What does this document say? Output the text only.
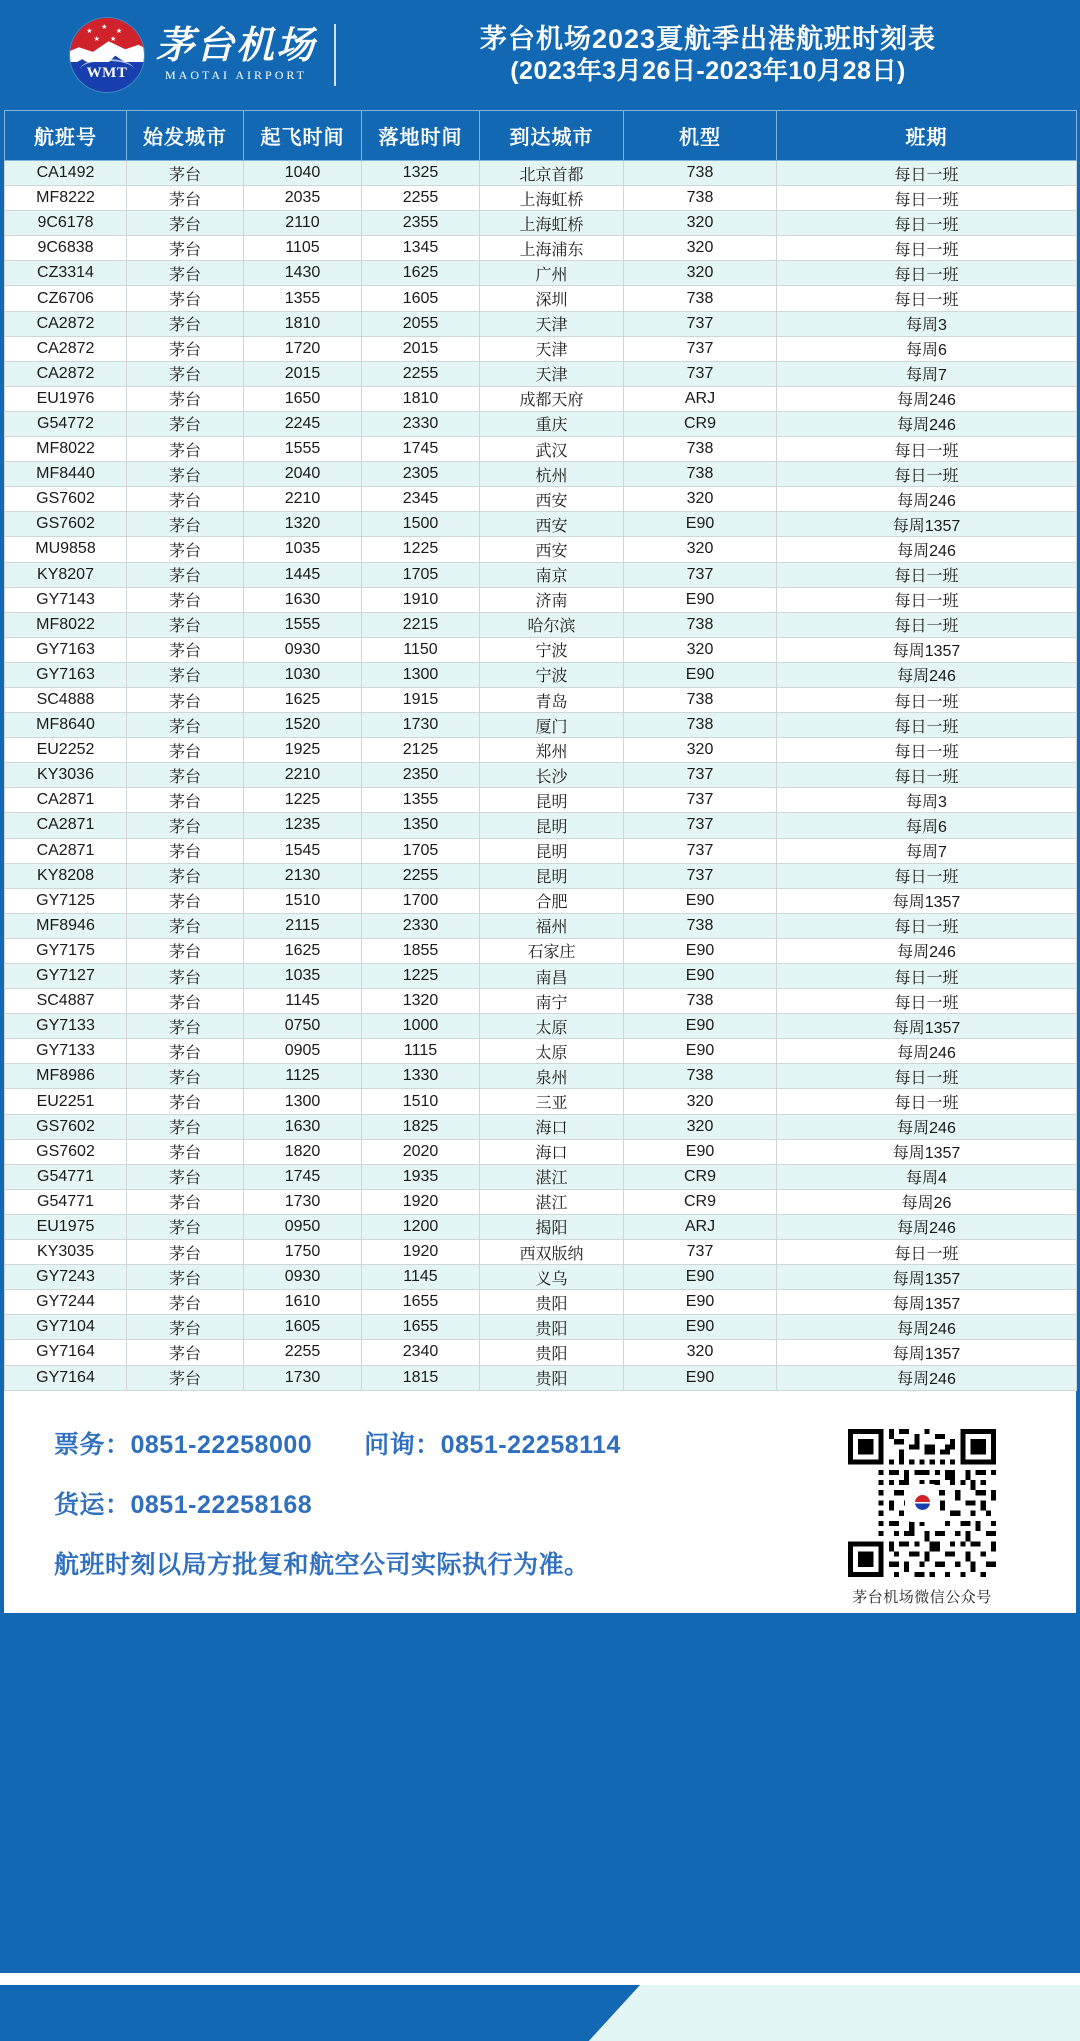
★
★
★
★ ★
WMT
茅台机场
MAOTAI AIRPORT
茅台机场2023夏航季出港航班时刻表
(2023年3月26日-2023年10月28日)
航班号	始发城市	起飞时间	落地时间	到达城市	机型	班期
CA1492	茅台	1040	1325	北京首都	738	每日一班
MF8222	茅台	2035	2255	上海虹桥	738	每日一班
9C6178	茅台	2110	2355	上海虹桥	320	每日一班
9C6838	茅台	1105	1345	上海浦东	320	每日一班
CZ3314	茅台	1430	1625	广州	320	每日一班
CZ6706	茅台	1355	1605	深圳	738	每日一班
CA2872	茅台	1810	2055	天津	737	每周3
CA2872	茅台	1720	2015	天津	737	每周6
CA2872	茅台	2015	2255	天津	737	每周7
EU1976	茅台	1650	1810	成都天府	ARJ	每周246
G54772	茅台	2245	2330	重庆	CR9	每周246
MF8022	茅台	1555	1745	武汉	738	每日一班
MF8440	茅台	2040	2305	杭州	738	每日一班
GS7602	茅台	2210	2345	西安	320	每周246
GS7602	茅台	1320	1500	西安	E90	每周1357
MU9858	茅台	1035	1225	西安	320	每周246
KY8207	茅台	1445	1705	南京	737	每日一班
GY7143	茅台	1630	1910	济南	E90	每日一班
MF8022	茅台	1555	2215	哈尔滨	738	每日一班
GY7163	茅台	0930	1150	宁波	320	每周1357
GY7163	茅台	1030	1300	宁波	E90	每周246
SC4888	茅台	1625	1915	青岛	738	每日一班
MF8640	茅台	1520	1730	厦门	738	每日一班
EU2252	茅台	1925	2125	郑州	320	每日一班
KY3036	茅台	2210	2350	长沙	737	每日一班
CA2871	茅台	1225	1355	昆明	737	每周3
CA2871	茅台	1235	1350	昆明	737	每周6
CA2871	茅台	1545	1705	昆明	737	每周7
KY8208	茅台	2130	2255	昆明	737	每日一班
GY7125	茅台	1510	1700	合肥	E90	每周1357
MF8946	茅台	2115	2330	福州	738	每日一班
GY7175	茅台	1625	1855	石家庄	E90	每周246
GY7127	茅台	1035	1225	南昌	E90	每日一班
SC4887	茅台	1145	1320	南宁	738	每日一班
GY7133	茅台	0750	1000	太原	E90	每周1357
GY7133	茅台	0905	1115	太原	E90	每周246
MF8986	茅台	1125	1330	泉州	738	每日一班
EU2251	茅台	1300	1510	三亚	320	每日一班
GS7602	茅台	1630	1825	海口	320	每周246
GS7602	茅台	1820	2020	海口	E90	每周1357
G54771	茅台	1745	1935	湛江	CR9	每周4
G54771	茅台	1730	1920	湛江	CR9	每周26
EU1975	茅台	0950	1200	揭阳	ARJ	每周246
KY3035	茅台	1750	1920	西双版纳	737	每日一班
GY7243	茅台	0930	1145	义乌	E90	每周1357
GY7244	茅台	1610	1655	贵阳	E90	每周1357
GY7104	茅台	1605	1655	贵阳	E90	每周246
GY7164	茅台	2255	2340	贵阳	320	每周1357
GY7164	茅台	1730	1815	贵阳	E90	每周246
票务：0851-22258000 问询：0851-22258114
货运：0851-22258168
航班时刻以局方批复和航空公司实际执行为准。
茅台机场微信公众号
